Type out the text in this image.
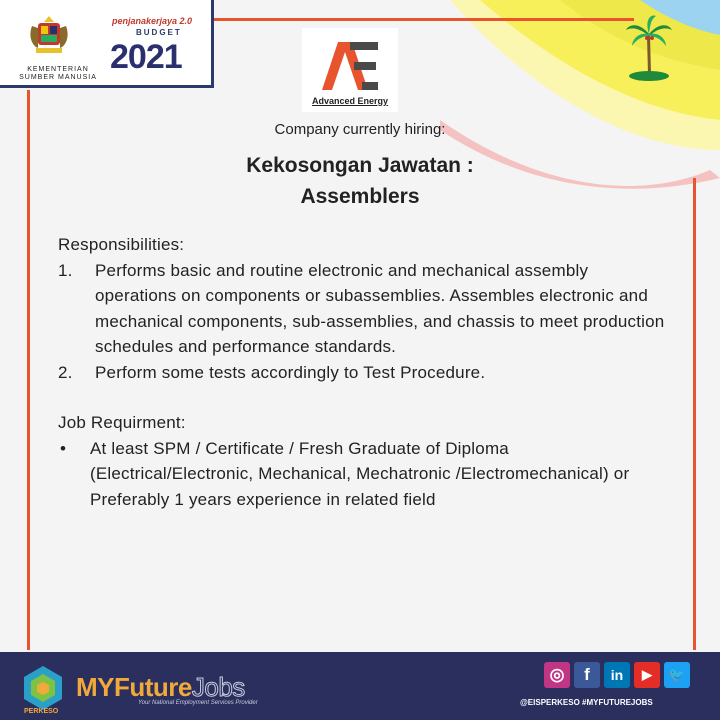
KEMENTERIAN SUMBER MANUSIA
penjanakerjaya 2.0
BUDGET
2021
Advanced Energy
Company currently hiring:
Kekosongan Jawatan :
Assemblers
Responsibilities:
1.	Performs basic and routine electronic and mechanical assembly operations on components or subassemblies. Assembles electronic and mechanical components, sub-assemblies, and chassis to meet production schedules and performance standards.
2.	Perform some tests accordingly to Test Procedure.
Job Requirment:
•	At least SPM / Certificate / Fresh Graduate of Diploma (Electrical/Electronic, Mechanical, Mechatronic /Electromechanical) or Preferably 1 years experience in related field
PERKESO
MYFutureJobs
Your National Employment Services Provider
◎	f	in	▶	🐦
@EISPERKESO #MYFUTUREJOBS
